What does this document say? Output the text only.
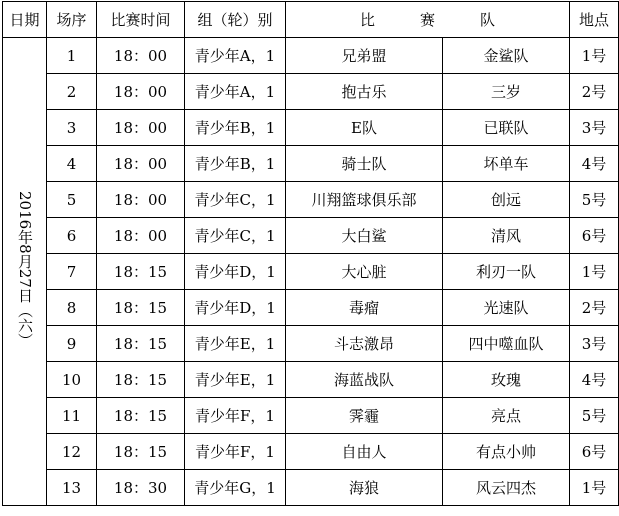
日期	场序	比赛时间	组（轮）别	比　　　赛　　　队		地点
2016年8月27日（六）	1	18：00	青少年A，1	兄弟盟	金鲨队	1号
	2	18：00	青少年A，1	抱古乐	三岁	2号
	3	18：00	青少年B，1	E队	已联队	3号
	4	18：00	青少年B，1	骑士队	坏单车	4号
	5	18：00	青少年C，1	川翔篮球俱乐部	创远	5号
	6	18：00	青少年C，1	大白鲨	清风	6号
	7	18：15	青少年D，1	大心脏	利刃一队	1号
	8	18：15	青少年D，1	毒瘤	光速队	2号
	9	18：15	青少年E，1	斗志激昂	四中噬血队	3号
	10	18：15	青少年E，1	海蓝战队	玫瑰	4号
	11	18：15	青少年F，1	霁霾	亮点	5号
	12	18：15	青少年F，1	自由人	有点小帅	6号
	13	18：30	青少年G，1	海狼	风云四杰	1号
